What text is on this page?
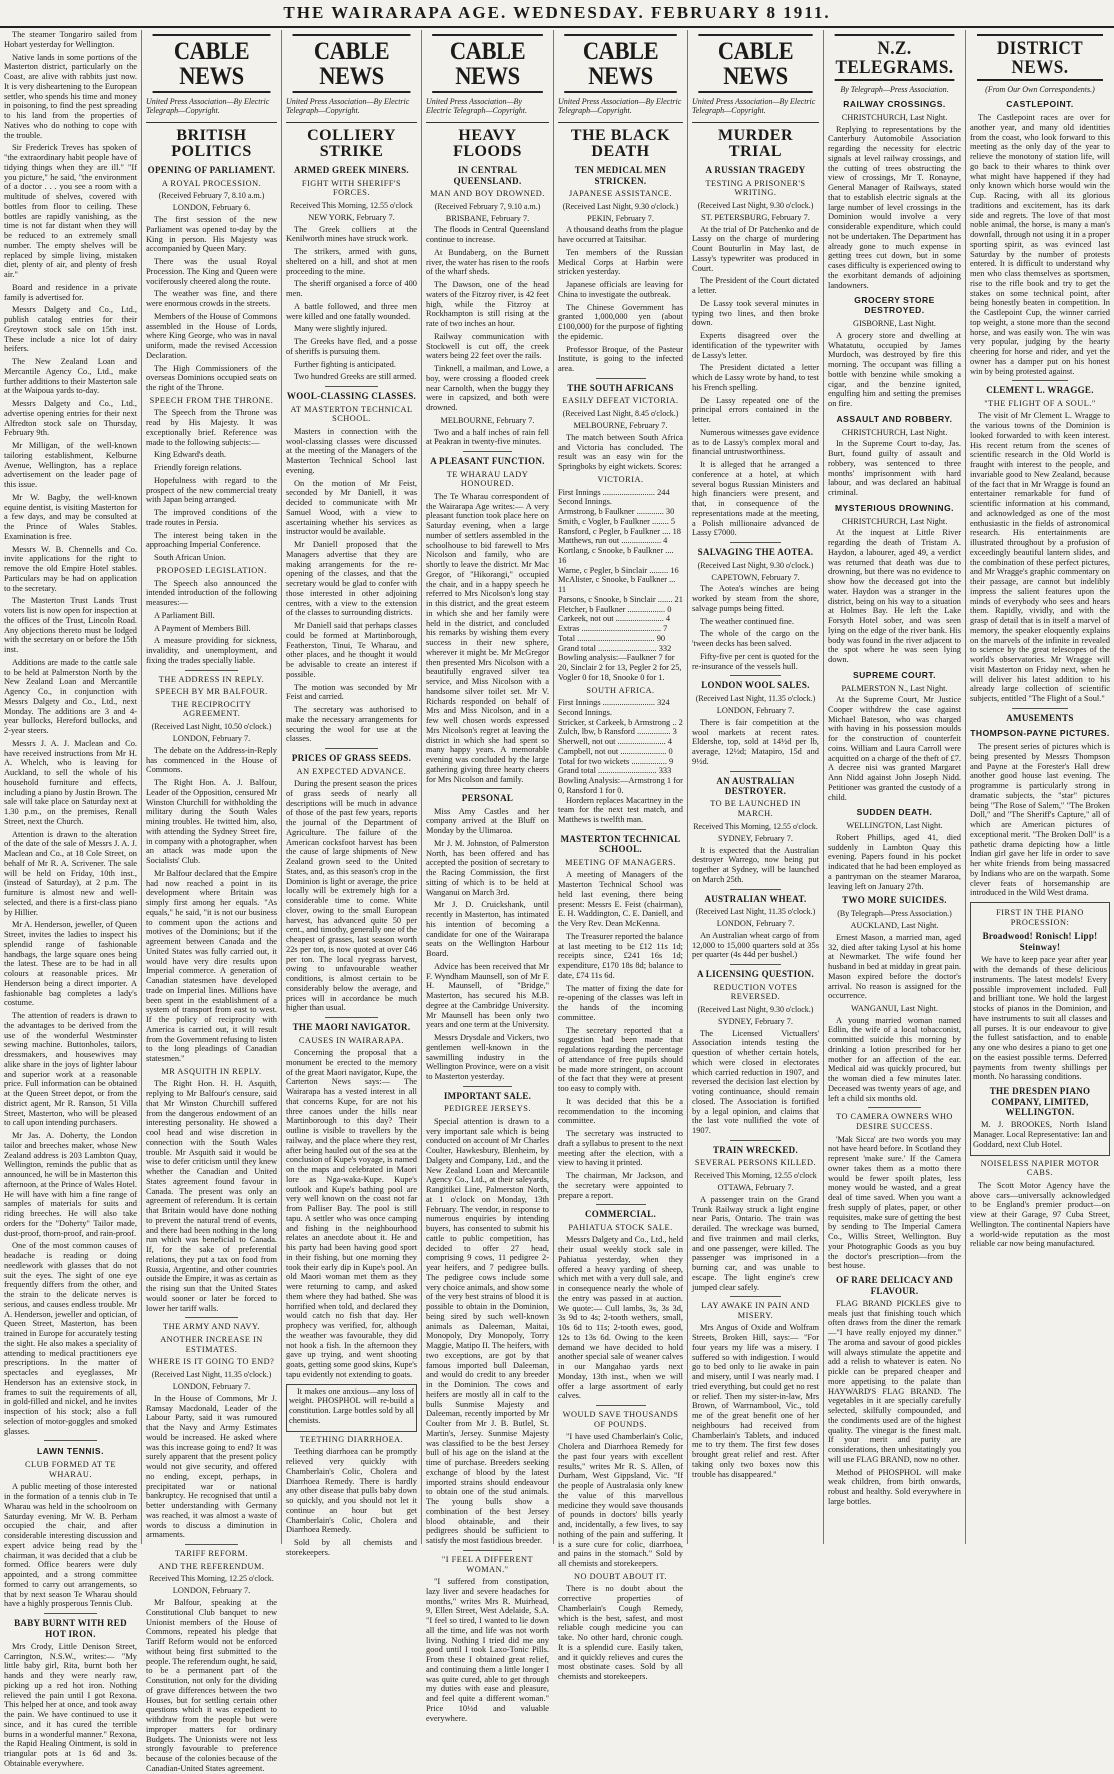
THE WAIRARAPA AGE. WEDNESDAY. FEBRUARY 8 1911.

The steamer Tongariro sailed from Hobart yesterday for Wellington.

Native lands in some portions of the Masterton district, particularly on the Coast, are alive with rabbits just now. It is very disheartening to the European settler, who spends his time and money in poisoning, to find the pest spreading to his land from the properties of Natives who do nothing to cope with the trouble.

Sir Frederick Treves has spoken of "the extraordinary habit people have of tidying things when they are ill." "If you picture," he said, "the environment of a doctor . . . you see a room with a multitude of shelves, covered with bottles from floor to ceiling. These bottles are rapidly vanishing, as the time is not far distant when they will be reduced to an extremely small number. The empty shelves will be replaced by simple living, mistaken diet, plenty of air, and plenty of fresh air."

Board and residence in a private family is advertised for.

Messrs Dalgety and Co., Ltd., publish catalog entries for their Greytown stock sale on 15th inst. These include a nice lot of dairy heifers.

The New Zealand Loan and Mercantile Agency Co., Ltd., make further additions to their Masterton sale at the Waipoua yards to-day.

Messrs Dalgety and Co., Ltd., advertise opening entries for their next Alfredton stock sale on Thursday, February 9th.

Mr Milligan, of the well-known tailoring establishment, Kelburne Avenue, Wellington, has a replace advertisement on the leader page of this issue.

Mr W. Bagby, the well-known equine dentist, is visiting Masterton for a few days, and may be consulted at the Prince of Wales Stables. Examination is free.

Messrs W. B. Chennells and Co. invite applications for the right to remove the old Empire Hotel stables. Particulars may be had on application to the secretary.

The Masterton Trust Lands Trust voters list is now open for inspection at the offices of the Trust, Lincoln Road. Any objections thereto must be lodged with the secretary on or before the 15th inst.

Additions are made to the cattle sale to be held at Palmerston North by the New Zealand Loan and Mercantile Agency Co., in conjunction with Messrs Dalgety and Co., Ltd., next Monday. The additions are 3 and 4-year bullocks, Hereford bullocks, and 2-year steers.

Messrs J. A. J. Maclean and Co. have received instructions from Mr H. A. Whelch, who is leaving for Auckland, to sell the whole of his household furniture and effects, including a piano by Justin Brown. The sale will take place on Saturday next at 1.30 p.m., on the premises, Renall Street, next the Church.

Attention is drawn to the alteration of the date of the sale of Messrs J. A. J. Maclean and Co., at 18 Cole Street, on behalf of Mr R. A. Scrivener. The sale will be held on Friday, 10th inst., (instead of Saturday), at 2 p.m. The furniture is almost new and well-selected, and there is a first-class piano by Hillier.

Mr A. Henderson, jeweller, of Queen Street, invites the ladies to inspect his splendid range of fashionable handbags, the large square ones being the latest. These are to be had in all colours at reasonable prices. Mr Henderson being a direct importer. A fashionable bag completes a lady's costume.

The attention of readers is drawn to the advantages to be derived from the use of the wonderful Westminster sewing machine. Buttonholes, tailors, dressmakers, and housewives may alike share in the joys of lighter labour and superior work at a reasonable price. Full information can be obtained at the Queen Street depot, or from the district agent, Mr R. Ranson, 51 Villa Street, Masterton, who will be pleased to call upon intending purchasers.

Mr Jas. A. Doherty, the London tailor and breeches maker, whose New Zealand address is 203 Lambton Quay, Wellington, reminds the public that as announced, he will be in Masterton this afternoon, at the Prince of Wales Hotel. He will have with him a fine range of samples of materials for suits and riding breeches. He will also take orders for the "Doherty" Tailor made, dust-proof, thorn-proof, and rain-proof.

One of the most common causes of headache is reading or doing needlework with glasses that do not suit the eyes. The sight of one eye frequently differs from the other, and the strain to the delicate nerves is serious, and causes endless trouble. Mr A. Henderson, jeweller and optician, of Queen Street, Masterton, has been trained in Europe for accurately testing the sight. He also makes a speciality of attending to medical practitioners eye prescriptions. In the matter of spectacles and eyeglasses, Mr Henderson has an extensive stock, in frames to suit the requirements of all, in gold-filled and nickel, and he invites inspection of his stock; also a full selection of motor-goggles and smoked glasses.

LAWN TENNIS.
CLUB FORMED AT TE WHARAU.

A public meeting of those interested in the formation of a tennis club in Te Wharau was held in the schoolroom on Saturday evening. Mr W. B. Perham occupied the chair, and after considerable interesting discussion and expert advice being read by the chairman, it was decided that a club be formed. Office bearers were duly appointed, and a strong committee formed to carry out arrangements, so that by next season Te Wharau should have a highly prosperous Tennis Club.

BABY BURNT WITH RED HOT IRON.

Mrs Crody, Little Denison Street, Carrington, N.S.W., writes:— "My little baby girl, Rita, burnt both her hands and they were nearly raw, picking up a red hot iron. Nothing relieved the pain until I got Rexona. This helped her at once, and took away the pain. We have continued to use it since, and it has cured the terrible burns in a wonderful manner." Rexona, the Rapid Healing Ointment, is sold in triangular pots at 1s 6d and 3s. Obtainable everywhere.

CABLE NEWS
United Press Association—By Electric Telegraph—Copyright.
BRITISH POLITICS
OPENING OF PARLIAMENT.
A ROYAL PROCESSION.
(Received February 7, 8.10 a.m.)
LONDON, February 6.

The first session of the new Parliament was opened to-day by the King in person. His Majesty was accompanied by Queen Mary.

There was the usual Royal Procession. The King and Queen were vociferously cheered along the route.

The weather was fine, and there were enormous crowds in the streets.

Members of the House of Commons assembled in the House of Lords, where King George, who was in naval uniform, made the revised Accession Declaration.

The High Commissioners of the overseas Dominions occupied seats on the right of the Throne.

SPEECH FROM THE THRONE.

The Speech from the Throne was read by His Majesty. It was exceptionally brief. Reference was made to the following subjects:—

King Edward's death.

Friendly foreign relations.

Hopefulness with regard to the prospect of the new commercial treaty with Japan being arranged.

The improved conditions of the trade routes in Persia.

The interest being taken in the approaching Imperial Conference.

South African Union.

PROPOSED LEGISLATION.

The Speech also announced the intended introduction of the following measures:—

A Parliament Bill.

A Payment of Members Bill.

A measure providing for sickness, invalidity, and unemployment, and fixing the trades specially liable.

THE ADDRESS IN REPLY.
SPEECH BY MR BALFOUR.
THE RECIPROCITY AGREEMENT.
(Received Last Night, 10.50 o'clock.)
LONDON, February 7.

The debate on the Address-in-Reply has commenced in the House of Commons.

The Right Hon. A. J. Balfour, Leader of the Opposition, censured Mr Winston Churchill for withholding the military during the South Wales mining troubles. He twitted him, also, with attending the Sydney Street fire, in company with a photographer, when an attack was made upon the Socialists' Club.

Mr Balfour declared that the Empire had now reached a point in its development where Britain was simply first among her equals. "As equals," he said, "it is not our business to comment upon the actions and motives of the Dominions; but if the agreement between Canada and the United States was fully carried out, it would have very dire results upon Imperial commerce. A generation of Canadian statesmen have developed trade on Imperial lines. Millions have been spent in the establishment of a system of transport from east to west. If the policy of reciprocity with America is carried out, it will result from the Government refusing to listen to the long pleadings of Canadian statesmen."

MR ASQUITH IN REPLY.

The Right Hon. H. H. Asquith, replying to Mr Balfour's censure, said that Mr Winston Churchill suffered from the dangerous endowment of an interesting personality. He showed a cool head and wise discretion in connection with the South Wales trouble. Mr Asquith said it would be wise to defer criticism until they knew whether the Canadian and United States agreement found favour in Canada. The present was only an agreement of referendum. It is certain that Britain would have done nothing to prevent the natural trend of events, and there had been nothing in the long run which was beneficial to Canada. If, for the sake of preferential relations, they put a tax on food from Russia, Argentine, and other countries outside the Empire, it was as certain as the rising sun that the United States would sooner or later be forced to lower her tariff walls.

THE ARMY AND NAVY.
ANOTHER INCREASE IN ESTIMATES.
WHERE IS IT GOING TO END?
(Received Last Night, 11.35 o'clock.)
LONDON, February 7.

In the House of Commons, Mr J. Ramsay Macdonald, Leader of the Labour Party, said it was rumoured that the Navy and Army Estimates would be increased. He asked where was this increase going to end? It was surely apparent that the present policy would not give security, and offered no ending, except, perhaps, in precipitated war or national bankruptcy. He recognised that until a better understanding with Germany was reached, it was almost a waste of words to discuss a diminution in armaments.

TARIFF REFORM.
AND THE REFERENDUM.
Received This Morning, 12.25 o'clock.
LONDON, February 7.

Mr Balfour, speaking at the Constitutional Club banquet to new Unionist members of the House of Commons, repeated his pledge that Tariff Reform would not be enforced without being first submitted to the people. The referendum ought, he said, to be a permanent part of the Constitution, not only for the dividing of grave differences between the two Houses, but for settling certain other questions which it was expedient to withdraw from the people but were improper matters for ordinary Budgets. The Unionists were not less strongly favourable to preference because of the colonies because of the Canadian-United States agreement.

CABLE NEWS
United Press Association—By Electric Telegraph—Copyright.
COLLIERY STRIKE
ARMED GREEK MINERS.
FIGHT WITH SHERIFF'S FORCES.
Received This Morning, 12.55 o'clock
NEW YORK, February 7.

The Greek colliers at the Kenilworth mines have struck work.

The strikers, armed with guns, sheltered on a hill, and shot at men proceeding to the mine.

The sheriff organised a force of 400 men.

A battle followed, and three men were killed and one fatally wounded.

Many were slightly injured.

The Greeks have fled, and a posse of sheriffs is pursuing them.

Further fighting is anticipated.

Two hundred Greeks are still armed.

WOOL-CLASSING CLASSES.
AT MASTERTON TECHNICAL SCHOOL.

Masters in connection with the wool-classing classes were discussed at the meeting of the Managers of the Masterton Technical School last evening.

On the motion of Mr Feist, seconded by Mr Daniell, it was decided to communicate with Mr Samuel Wood, with a view to ascertaining whether his services as instructor would be available.

Mr Daniell proposed that the Managers advertise that they are making arrangements for the re-opening of the classes, and that the secretary would be glad to confer with those interested in other adjoining centres, with a view to the extension of the classes to surrounding districts.

Mr Daniell said that perhaps classes could be formed at Martinborough, Featherston, Tinui, Te Wharau, and other places, and he thought it would be advisable to create an interest if possible.

The motion was seconded by Mr Feist and carried.

The secretary was authorised to make the necessary arrangements for securing the wool for use at the classes.

PRICES OF GRASS SEEDS.
AN EXPECTED ADVANCE.

During the present season the prices of grass seeds of nearly all descriptions will be much in advance of those of the past few years, reports the journal of the Department of Agriculture. The failure of the American cocksfoot harvest has been the cause of large shipments of New Zealand grown seed to the United States, and, as this season's crop in the Dominion is light or average, the price locally will be extremely high for a considerable time to come. White clover, owing to the small European harvest, has advanced quite 50 per cent., and timothy, generally one of the cheapest of grasses, last season worth 22s per ton, is now quoted at over £46 per ton. The local ryegrass harvest, owing to unfavourable weather conditions, is almost certain to be considerably below the average, and prices will in accordance be much higher than usual.

THE MAORI NAVIGATOR.
CAUSES IN WAIRARAPA.

Concerning the proposal that a monument be erected to the memory of the great Maori navigator, Kupe, the Carterton News says:— The Wairarapa has a vested interest in all that concerns Kupe, for are not his three canoes under the hills near Martinborough to this day? Their outline is visible to travellers by the railway, and the place where they rest, after being hauled out of the sea at the conclusion of Kupe's voyage, is named on the maps and celebrated in Maori lore as Nga-waka-Kupe. Kupe's outlook and Kupe's bathing pool are very well known on the coast not far from Palliser Bay. The pool is still tapu. A settler who was once camping and fishing in the neighbourhood relates an anecdote about it. He and his party had been having good sport in their fishing, but one morning they took their early dip in Kupe's pool. An old Maori woman met them as they were returning to camp, and asked them where they had bathed. She was horrified when told, and declared they would catch no fish that day. Her prophecy was verified, for, although the weather was favourable, they did not hook a fish. In the afternoon they gave up trying, and went shooting goats, getting some good skins, Kupe's tapu evidently not extending to goats.

It makes one anxious—any loss of weight. PHOSPHOL will re-build a constitution. Large bottles sold by all chemists.

TEETHING DIARRHOEA.

Teething diarrhoea can be promptly relieved very quickly with Chamberlain's Colic, Cholera and Diarrhoea Remedy. There is hardly any other disease that pulls baby down so quickly, and you should not let it continue an hour but get Chamberlain's Colic, Cholera and Diarrhoea Remedy.

Sold by all chemists and storekeepers.

CABLE NEWS
United Press Association—By Electric Telegraph—Copyright.
HEAVY FLOODS
IN CENTRAL QUEENSLAND.
MAN AND BOY DROWNED.
(Received February 7, 9.10 a.m.)
BRISBANE, February 7.

The floods in Central Queensland continue to increase.

At Bundaberg, on the Burnett river, the water has risen to the roofs of the wharf sheds.

The Dawson, one of the head waters of the Fitzroy river, is 42 feet high, while the Fitzroy at Rockhampton is still rising at the rate of two inches an hour.

Railway communication with Stockwell is cut off, the creek waters being 22 feet over the rails.

Tinknell, a mailman, and Lowe, a boy, were crossing a flooded creek near Carnolth, when the buggy they were in capsized, and both were drowned.

MELBOURNE, February 7.

Two and a half inches of rain fell at Peakran in twenty-five minutes.

A PLEASANT FUNCTION.
TE WHARAU LADY HONOURED.

The Te Wharau correspondent of the Wairarapa Age writes:— A very pleasant function took place here on Saturday evening, when a large number of settlers assembled in the schoolhouse to bid farewell to Mrs Nicolson and family, who are shortly to leave the district. Mr Mac Gregor, of "Hikorangi," occupied the chair, and in a happy speech he referred to Mrs Nicolson's long stay in this district, and the great esteem in which she and her family were held in the district, and concluded his remarks by wishing them every success in their new sphere, wherever it might be. Mr McGregor then presented Mrs Nicolson with a beautifully engraved silver tea service, and Miss Nicolson with a handsome silver toilet set. Mr V. Richards responded on behalf of Mrs and Miss Nicolson, and in a few well chosen words expressed Mrs Nicolson's regret at leaving the district in which she had spent so many happy years. A memorable evening was concluded by the large gathering giving three hearty cheers for Mrs Nicolson and family.

PERSONAL

Miss Amy Castles and her company arrived at the Bluff on Monday by the Ulimaroa.

Mr J. M. Johnston, of Palmerston North, has been offered and has accepted the position of secretary to the Racing Commission, the first sitting of which is to be held at Wanganui on March 3rd.

Mr J. D. Cruickshank, until recently in Masterton, has intimated his intention of becoming a candidate for one of the Wairarapa seats on the Wellington Harbour Board.

Advice has been received that Mr F. Wyndham Maunsell, son of Mr F. H. Maunsell, of "Bridge," Masterton, has secured his M.B. degree at the Cambridge University. Mr Maunsell has been only two years and one term at the University.

Messrs Drysdale and Vickers, two gentlemen well-known in the sawmilling industry in the Wellington Province, were on a visit to Masterton yesterday.

IMPORTANT SALE.
PEDIGREE JERSEYS.

Special attention is drawn to a very important sale which is being conducted on account of Mr Charles Coulter, Hawkesbury, Blenheim, by Dalgety and Company, Ltd., and the New Zealand Loan and Mercantile Agency Co., Ltd., at their saleyards, Rangitikei Line, Palmerston North, at 1 o'clock on Monday, 13th February. The vendor, in response to numerous enquiries by intending buyers, has consented to submit his cattle to public competition, has decided to offer 27 head, comprising 9 cows, 11 pedigree 2-year heifers, and 7 pedigree bulls. The pedigree cows include some very choice animals, and show some of the very best strains of blood it is possible to obtain in the Dominion, being sired by such well-known animals as Daleeman, Maitai, Monopoly, Dry Monopoly, Torry Maggie, Matipo II. The heifers, with two exceptions, are got by that famous imported bull Daleeman, and would do credit to any breeder in the Dominion. The cows and heifers are mostly all in calf to the bulls Sunmise Majesty and Daleeman, recently imported by Mr Coulter from Mr J. B. Butlel, St. Martin's, Jersey. Sunmise Majesty was classified to be the best Jersey bull of his age on the island at the time of purchase. Breeders seeking exchange of blood by the latest imported strains should endeavour to obtain one of the stud animals. The young bulls show a combination of the best Jersey blood obtainable, and their pedigrees should be sufficient to satisfy the most fastidious breeder.

"I FEEL A DIFFERENT WOMAN."

"I suffered from constipation, lazy liver and severe headaches for months," writes Mrs R. Muirhead, 9, Ellen Street, West Adelaide, S.A. "I feel so tired, I wanted to lie down all the time, and life was not worth living. Nothing I tried did me any good until I took Laxo-Tonic Pills. From these I obtained great relief, and continuing them a little longer I was quite cured, able to get through my duties with ease and pleasure, and feel quite a different woman." Price 10½d and valuable everywhere.

CABLE NEWS
United Press Association—By Electric Telegraph—Copyright.
THE BLACK DEATH
TEN MEDICAL MEN STRICKEN.
JAPANESE ASSISTANCE.
(Received Last Night, 9.30 o'clock.)
PEKIN, February 7.

A thousand deaths from the plague have occurred at Taitsihar.

Ten members of the Russian Medical Corps at Harbin were stricken yesterday.

Japanese officials are leaving for China to investigate the outbreak.

The Chinese Government has granted 1,000,000 yen (about £100,000) for the purpose of fighting the epidemic.

Professor Broque, of the Pasteur Institute, is going to the infected area.

THE SOUTH AFRICANS
EASILY DEFEAT VICTORIA.
(Received Last Night, 8.45 o'clock.)
MELBOURNE, February 7.

The match between South Africa and Victoria has concluded. The result was an easy win for the Springboks by eight wickets. Scores:

VICTORIA.

First Innings ......................... 244

Second Innings.

Armstrong, b Faulkner ............. 30

Smith, c Vogler, b Faulkner ........ 5

Ransford, c Pegler, b Faulkner .... 18

Matthews, run out ................... 4

Kortlang, c Snooke, b Faulkner .... 16

Warne, c Pegler, b Sinclair ......... 16

McAlister, c Snooke, b Faulkner ... 11

Parsons, c Snooke, b Sinclair ....... 21

Fletcher, b Faulkner .................. 0

Carkeek, not out ....................... 4

Extras ...................................... 7

Total ..................................... 90

Grand total ............................ 332

Bowling analysis:—Faulkner 7 for 20, Sinclair 2 for 13, Pegler 2 for 25, Vogler 0 for 18, Snooke 0 for 1.

SOUTH AFRICA.

First Innings ......................... 324

Second Innings.

Stricker, st Carkeek, b Armstrong .. 2

Zulch, lbw, b Ransford ................ 3

Sherwell, not out ....................... 4

Campbell, not out ...................... 0

Total for two wickets ................. 9

Grand total ............................ 333

Bowling Analysis:—Armstrong 1 for 0, Ransford 1 for 0.

Hordern replaces Macartney in the team for the next test match, and Matthews is twelfth man.

MASTERTON TECHNICAL SCHOOL.
MEETING OF MANAGERS.

A meeting of Managers of the Masterton Technical School was held last evening, there being present: Messrs E. Feist (chairman), E. H. Waddington, C. E. Daniell, and the Very Rev. Dean McKenna.

The Treasurer reported the balance at last meeting to be £12 11s 1d; receipts since, £241 16s 1d; expenditure, £170 18s 8d; balance to date, £74 11s 6d.

The matter of fixing the date for re-opening of the classes was left in the hands of the incoming committee.

The secretary reported that a suggestion had been made that regulations regarding the percentage of attendance of free pupils should be made more stringent, on account of the fact that they were at present too easy to comply with.

It was decided that this be a recommendation to the incoming committee.

The secretary was instructed to draft a syllabus to present to the next meeting after the election, with a view to having it printed.

The chairman, Mr Jackson, and the secretary were appointed to prepare a report.

COMMERCIAL.
PAHIATUA STOCK SALE.

Messrs Dalgety and Co., Ltd., held their usual weekly stock sale in Pahiatua yesterday, when they offered a heavy yarding of sheep, which met with a very dull sale, and in consequence nearly the whole of the entry was passed in at auction. We quote:— Cull lambs, 3s, 3s 3d, 3s 9d to 4s; 2-tooth wethers, small, 10s 6d to 11s; 2-tooth ewes, good, 12s to 13s 6d. Owing to the keen demand we have decided to hold another special sale of weaner calves in our Mangahao yards next Monday, 13th inst., when we will offer a large assortment of early calves.

WOULD SAVE THOUSANDS OF POUNDS.

"I have used Chamberlain's Colic, Cholera and Diarrhoea Remedy for the past four years with excellent results," writes Mr R. S. Allen, of Durham, West Gippsland, Vic. "If the people of Australasia only knew the value of this marvellous medicine they would save thousands of pounds in doctors' bills yearly and, incidentally, a few lives, to say nothing of the pain and suffering. It is a sure cure for colic, diarrhoea, and pains in the stomach." Sold by all chemists and storekeepers.

NO DOUBT ABOUT IT.

There is no doubt about the corrective properties of Chamberlain's Cough Remedy, which is the best, safest, and most reliable cough medicine you can take. No other hard, chronic cough. It is a splendid cure. Easily taken, and it quickly relieves and cures the most obstinate cases. Sold by all chemists and storekeepers.

CABLE NEWS
United Press Association—By Electric Telegraph—Copyright.
MURDER TRIAL
A RUSSIAN TRAGEDY
TESTING A PRISONER'S WRITING.
(Received Last Night, 9.30 o'clock.)
ST. PETERSBURG, February 7.

At the trial of Dr Patchenko and de Lassy on the charge of murdering Count Bouturlin in May last, de Lassy's typewriter was produced in Court.

The President of the Court dictated a letter.

De Lassy took several minutes in typing two lines, and then broke down.

Experts disagreed over the identification of the typewriter with de Lassy's letter.

The President dictated a letter which de Lassy wrote by hand, to test his French spelling.

De Lassy repeated one of the principal errors contained in the letter.

Numerous witnesses gave evidence as to de Lassy's complex moral and financial untrustworthiness.

It is alleged that he arranged a conference at a hotel, at which several bogus Russian Ministers and high financiers were present, and that, in consequence of the representations made at the meeting, a Polish millionaire advanced de Lassy £7000.

SALVAGING THE AOTEA.
(Received Last Night, 9.30 o'clock.)
CAPETOWN, February 7.

The Aotea's winches are being worked by steam from the shore, salvage pumps being fitted.

The weather continued fine.

The whole of the cargo on the 'tween decks has been salved.

Fifty-five per cent is quoted for the re-insurance of the vessels hull.

LONDON WOOL SALES.
(Received Last Night, 11.35 o'clock.)
LONDON, February 7.

There is fair competition at the wool markets at recent rates. Eldershe, top, sold at 14½d per lb, average, 12½d; Matapiro, 15d and 9½d.

AN AUSTRALIAN DESTROYER.
TO BE LAUNCHED IN MARCH.
Received This Morning, 12.55 o'clock.
SYDNEY, February 7.

It is expected that the Australian destroyer Warrego, now being put together at Sydney, will be launched on March 25th.

AUSTRALIAN WHEAT.
(Received Last Night, 11.35 o'clock.)
LONDON, February 7.

An Australian wheat cargo of from 12,000 to 15,000 quarters sold at 35s per quarter (4s 44d per bushel.)

A LICENSING QUESTION.
REDUCTION VOTES REVERSED.
(Received Last Night, 9.30 o'clock.)
SYDNEY, February 7.

The Licensed Victuallers' Association intends testing the question of whether certain hotels, which were closed in electorates which carried reduction in 1907, and reversed the decision last election by voting continuance, should remain closed. The Association is fortified by a legal opinion, and claims that the last vote nullified the vote of 1907.

TRAIN WRECKED.
SEVERAL PERSONS KILLED.
Received This Morning, 12.55 o'clock
OTTAWA, February 7.

A passenger train on the Grand Trunk Railway struck a light engine near Paris, Ontario. The train was derailed. The wreckage was burned, and five trainmen and mail clerks, and one passenger, were killed. The passenger was imprisoned in a burning car, and was unable to escape. The light engine's crew jumped clear safely.

LAY AWAKE IN PAIN AND MISERY.

Mrs Angus of Oxide and Wolfram Streets, Broken Hill, says:— "For four years my life was a misery. I suffered so with indigestion. I would go to bed only to lie awake in pain and misery, until I was nearly mad. I tried everything, but could get no rest or relief. Then my sister-in-law, Mrs Brown, of Warrnambool, Vic., told me of the great benefit one of her neighbours had received from Chamberlain's Tablets, and induced me to try them. The first few doses brought great relief and rest. After taking only two boxes now this trouble has disappeared."

N.Z. TELEGRAMS.
By Telegraph—Press Association.
RAILWAY CROSSINGS.
CHRISTCHURCH, Last Night.

Replying to representations by the Canterbury Automobile Association regarding the necessity for electric signals at level railway crossings, and the cutting of trees obstructing the view of crossings, Mr T. Ronayne, General Manager of Railways, stated that to establish electric signals at the large number of level crossings in the Dominion would involve a very considerable expenditure, which could not be undertaken. The Department has already gone to much expense in getting trees cut down, but in some cases difficulty is experienced owing to the exorbitant demands of adjoining landowners.

GROCERY STORE DESTROYED.
GISBORNE, Last Night.

A grocery store and dwelling at Whatatutu, occupied by James Murdoch, was destroyed by fire this morning. The occupant was filling a bottle with benzine while smoking a cigar, and the benzine ignited, engulfing him and setting the premises on fire.

ASSAULT AND ROBBERY.
CHRISTCHURCH, Last Night.

In the Supreme Court to-day, Jas. Burt, found guilty of assault and robbery, was sentenced to three months' imprisonment with hard labour, and was declared an habitual criminal.

MYSTERIOUS DROWNING.
CHRISTCHURCH, Last Night.

At the inquest at Little River regarding the death of Tristam A. Haydon, a labourer, aged 49, a verdict was returned that death was due to drowning, but there was no evidence to show how the deceased got into the water. Haydon was a stranger in the district, being on his way to a situation at Holmes Bay. He left the Lake Forsyth Hotel sober, and was seen lying on the edge of the river bank. His body was found in the river adjacent to the spot where he was seen lying down.

SUPREME COURT.
PALMERSTON N., Last Night.

At the Supreme Court, Mr Justice Cooper withdrew the case against Michael Bateson, who was charged with having in his possession moulds for the construction of counterfeit coins. William and Laura Carroll were acquitted on a charge of the theft of £7. A decree nisi was granted Margaret Ann Nidd against John Joseph Nidd. Petitioner was granted the custody of a child.

SUDDEN DEATH.
WELLINGTON, Last Night.

Robert Phillips, aged 41, died suddenly in Lambton Quay this evening. Papers found in his pocket indicated that he had been employed as a pantryman on the steamer Mararoa, leaving left on January 27th.

TWO MORE SUICIDES.
(By Telegraph—Press Association.)
AUCKLAND, Last Night.

Ernest Mason, a married man, aged 32, died after taking Lysol at his home at Newmarket. The wife found her husband in bed at midday in great pain. Mason expired before the doctor's arrival. No reason is assigned for the occurrence.

WANGANUI, Last Night.

A young married woman named Edlin, the wife of a local tobacconist, committed suicide this morning by drinking a lotion prescribed for her mother for an affection of the ear. Medical aid was quickly procured, but the woman died a few minutes later. Deceased was twenty years of age, and left a child six months old.

TO CAMERA OWNERS WHO DESIRE SUCCESS.

'Mak Sicca' are two words you may not have heard before. In Scotland they represent 'make sure.' If the Camera owner takes them as a motto there would be fewer spoilt plates, less money would be wasted, and a great deal of time saved. When you want a fresh supply of plates, paper, or other requisites, make sure of getting the best by sending to The Imperial Camera Co., Willis Street, Wellington. Buy your Photographic Goods as you buy the doctor's prescription—from the best house.

OF RARE DELICACY AND FLAVOUR.

FLAG BRAND PICKLES give to meals just that finishing touch which often draws from the diner the remark—"I have really enjoyed my dinner." The aroma and savour of good pickles will always stimulate the appetite and add a relish to whatever is eaten. No pickle can be prepared cheaper and more appetising to the palate than HAYWARD'S FLAG BRAND. The vegetables in it are specially carefully selected, skilfully compounded, and the condiments used are of the highest quality. The vinegar is the finest malt. If your merit and purity are considerations, then unhesitatingly you will use FLAG BRAND, now no other.

Method of PHOSPHOL will make weak children, from birth onwards, robust and healthy. Sold everywhere in large bottles.

DISTRICT NEWS.
(From Our Own Correspondents.)
CASTLEPOINT.

The Castlepoint races are over for another year, and many old identities from the coast, who look forward to this meeting as the only day of the year to relieve the monotony of station life, will go back to their whares to think over what might have happened if they had only known which horse would win the Cup. Racing, with all its glorious traditions and excitement, has its dark side and regrets. The love of that most noble animal, the horse, is many a man's downfall, through not using it in a proper sporting spirit, as was evinced last Saturday by the number of protests entered. It is difficult to understand why men who class themselves as sportsmen, rise to the rifle book and try to get the stakes on some technical point, after being honestly beaten in competition. In the Castlepoint Cup, the winner carried top weight, a stone more than the second horse, and was easily won. The win was very popular, judging by the hearty cheering for horse and rider, and yet the owner has a damper put on his honest win by being protested against.

CLEMENT L. WRAGGE.
"THE FLIGHT OF A SOUL."

The visit of Mr Clement L. Wragge to the various towns of the Dominion is looked forwarded to with keen interest. His recent return from the scenes of scientific research in the Old World is fraught with interest to the people, and invariable good to New Zealand, because of the fact that in Mr Wragge is found an entertainer remarkable for fund of scientific information at his command, and acknowledged as one of the most enthusiastic in the fields of astronomical research. His entertainments are illustrated throughout by a profusion of exceedingly beautiful lantern slides, and the combination of these perfect pictures, and Mr Wragge's graphic commentary on their passage, are cannot but indelibly impress the salient features upon the minds of everybody who sees and hears them. Rapidly, vividly, and with the grasp of detail that is in itself a marvel of memory, the speaker eloquently explains on the marvels of the infinite in revealed to science by the great telescopes of the world's observatories. Mr Wragge will visit Masterton on Friday next, when he will deliver his latest addition to his already large collection of scientific subjects, entitled "The Flight of a Soul."

AMUSEMENTS
THOMPSON-PAYNE PICTURES.

The present series of pictures which is being presented by Messrs Thompson and Payne at the Forester's Hall drew another good house last evening. The programme is particularly strong in dramatic subjects, the "star" pictures being "The Rose of Salem," "The Broken Doll," and "The Sheriff's Capture," all of which are American pictures of exceptional merit. "The Broken Doll" is a pathetic drama depicting how a little Indian girl gave her life in order to save her white friends from being massacred by Indians who are on the warpath. Some clever feats of horsemanship are introduced in the Wild West drama.

FIRST IN THE PIANO PROCESSION:
Broadwood! Ronisch! Lipp! Steinway!

We have to keep pace year after year with the demands of these delicious instruments. The latest models! Every possible improvement included. Full and brilliant tone. We hold the largest stocks of pianos in the Dominion, and have instruments to suit all classes and all purses. It is our endeavour to give the fullest satisfaction, and to enable any one who desires a piano to get one on the easiest possible terms. Deferred payments from twenty shillings per month. No harassing conditions.

THE DRESDEN PIANO COMPANY, LIMITED, WELLINGTON.

M. J. BROOKES, North Island Manager. Local Representative: Ian and Goddard, next Club Hotel.

NOISELESS NAPIER MOTOR CABS.

The Scott Motor Agency have the above cars—universally acknowledged to be England's premier product—on view at their Garage, 97 Cuba Street, Wellington. The continental Napiers have a world-wide reputation as the most reliable car now being manufactured.
